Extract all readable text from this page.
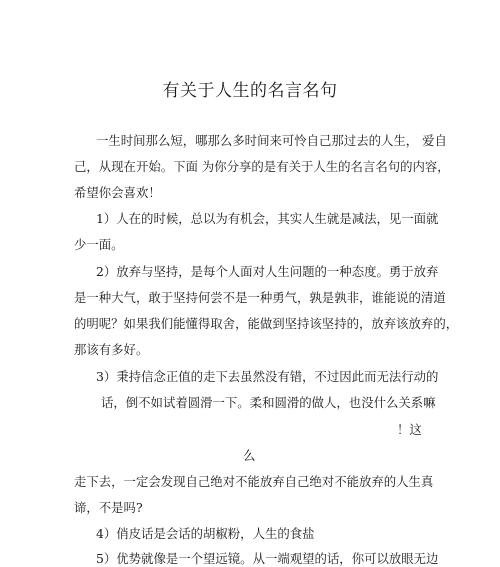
有关于人生的名言名句
一生时间那么短，哪那么多时间来可怜自己那过去的人生， 爱自
己，从现在开始。下面 为你分享的是有关于人生的名言名句的内容，
希望你会喜欢！
1）人在的时候，总以为有机会，其实人生就是减法，见一面就
少一面。
2）放弃与坚持，是每个人面对人生问题的一种态度。勇于放弃
是一种大气，敢于坚持何尝不是一种勇气，孰是孰非，谁能说的清道
的明呢？如果我们能懂得取舍，能做到坚持该坚持的，放弃该放弃的，
那该有多好。
3）秉持信念正值的走下去虽然没有错，不过因此而无法行动的
话，倒不如试着圆滑一下。柔和圆滑的做人，也没什么关系嘛
！这
么
走下去，一定会发现自己绝对不能放弃自己绝对不能放弃的人生真
谛，不是吗?
4）俏皮话是会话的胡椒粉，人生的食盐
5）优势就像是一个望远镜。从一端观望的话，你可以放眼无边
